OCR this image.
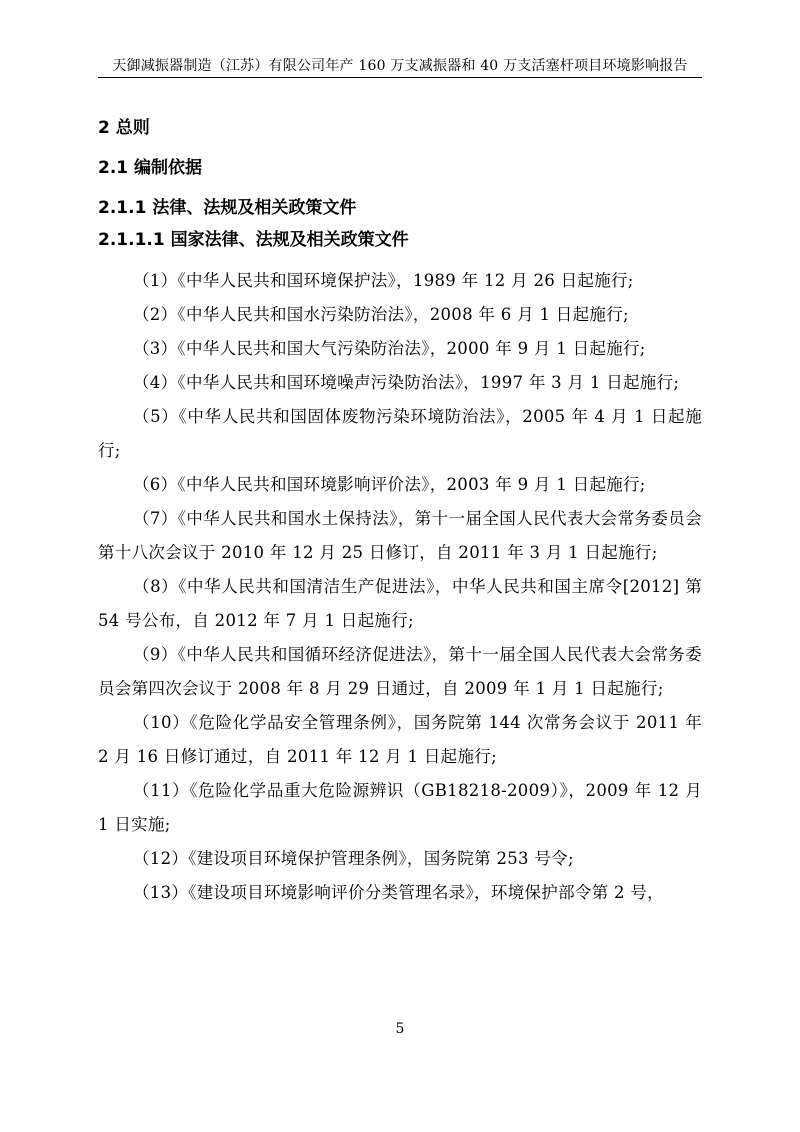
天御减振器制造（江苏）有限公司年产 160 万支减振器和 40 万支活塞杆项目环境影响报告
2 总则
2.1 编制依据
2.1.1 法律、法规及相关政策文件
2.1.1.1 国家法律、法规及相关政策文件

（1）《中华人民共和国环境保护法》，1989 年 12 月 26 日起施行;

（2）《中华人民共和国水污染防治法》，2008 年 6 月 1 日起施行;

（3）《中华人民共和国大气污染防治法》，2000 年 9 月 1 日起施行;

（4）《中华人民共和国环境噪声污染防治法》，1997 年 3 月 1 日起施行;

（5）《中华人民共和国固体废物污染环境防治法》，2005 年 4 月 1 日起施行;

（6）《中华人民共和国环境影响评价法》，2003 年 9 月 1 日起施行;

（7）《中华人民共和国水土保持法》，第十一届全国人民代表大会常务委员会第十八次会议于 2010 年 12 月 25 日修订，自 2011 年 3 月 1 日起施行;

（8）《中华人民共和国清洁生产促进法》，中华人民共和国主席令[2012] 第 54 号公布，自 2012 年 7 月 1 日起施行;

（9）《中华人民共和国循环经济促进法》，第十一届全国人民代表大会常务委员会第四次会议于 2008 年 8 月 29 日通过，自 2009 年 1 月 1 日起施行;

（10）《危险化学品安全管理条例》，国务院第 144 次常务会议于 2011 年 2 月 16 日修订通过，自 2011 年 12 月 1 日起施行;

（11）《危险化学品重大危险源辨识（GB18218-2009）》，2009 年 12 月 1 日实施;

（12）《建设项目环境保护管理条例》，国务院第 253 号令;

（13）《建设项目环境影响评价分类管理名录》，环境保护部令第 2 号，

5
